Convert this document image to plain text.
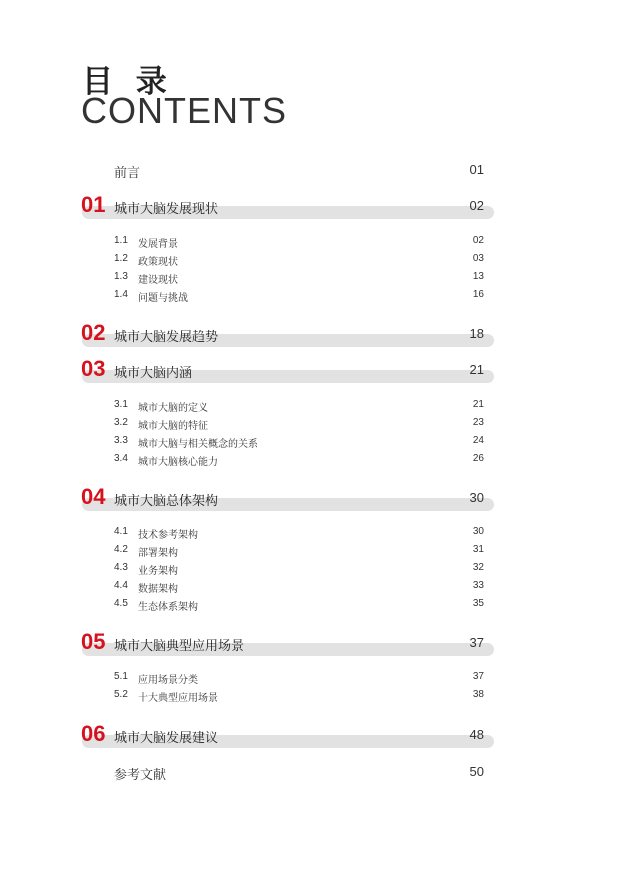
目 录
CONTENTS
前言	01
01 城市大脑发展现状	02
1.1 发展背景	02
1.2 政策现状	03
1.3 建设现状	13
1.4 问题与挑战	16
02 城市大脑发展趋势	18
03 城市大脑内涵	21
3.1 城市大脑的定义	21
3.2 城市大脑的特征	23
3.3 城市大脑与相关概念的关系	24
3.4 城市大脑核心能力	26
04 城市大脑总体架构	30
4.1 技术参考架构	30
4.2 部署架构	31
4.3 业务架构	32
4.4 数据架构	33
4.5 生态体系架构	35
05 城市大脑典型应用场景	37
5.1 应用场景分类	37
5.2 十大典型应用场景	38
06 城市大脑发展建议	48
参考文献	50
